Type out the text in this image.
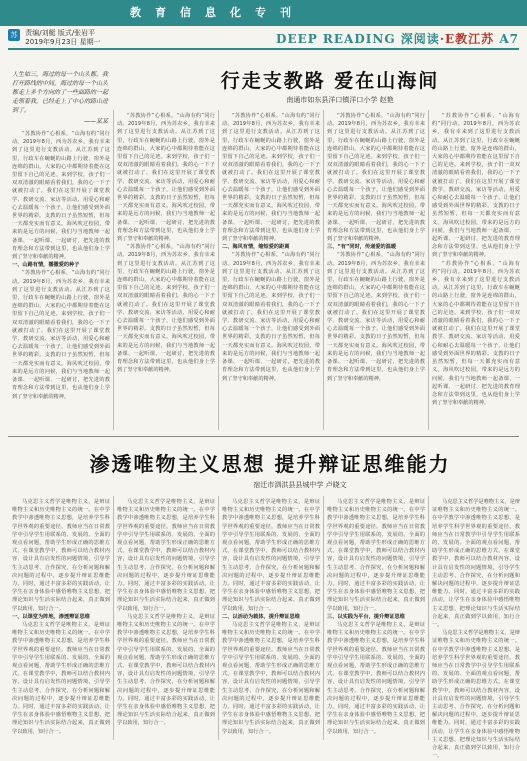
教育信息化专刊
苏 责编/刘艇 版式/张岩平
2019年9月23日 星期一	DEEP READING 深阅读·E教江苏 A7
人生如三，海过的每一个山头都。我打开路线的中间，海过的每一个山头都走上多个方向的了一些面路的一起走领着我，已经走上了中心的路山进到了。
——某某
行走支教路 爱在山海间
南通市如东县洋口镇洋口小学 赵艳

“苏教协作”心相系，“山海有约”同行动。2019年8月，西为苏农乡，我有幸来到了这里进行支教活动。从江苏到了这里，行政车在蜿蜒的山路上行驶，窗外是连绵的群山，大家的心中都期待着能在这里留下自己的足迹。来到学校，孩子们一双双清澈的眼睛看着我们，我的心一下子就被打动了。我们在这里开展了课堂教学、教研交流、家访等活动，用爱心和耐心去温暖每一个孩子，让他们感受到外面世界的精彩。支教的日子虽然短暂，但每一天都充实而有意义。海风吹过校园，带来的是远方的问候，我们与当地教师一起备课、一起听课、一起研讨，把先进的教育理念和方法带到这里，也从他们身上学到了坚守和奉献的精神。

一、山路有情，播撒爱的种子

“苏教协作”心相系，“山海有约”同行动。2019年8月，西为苏农乡，我有幸来到了这里进行支教活动。从江苏到了这里，行政车在蜿蜒的山路上行驶，窗外是连绵的群山，大家的心中都期待着能在这里留下自己的足迹。来到学校，孩子们一双双清澈的眼睛看着我们，我的心一下子就被打动了。我们在这里开展了课堂教学、教研交流、家访等活动，用爱心和耐心去温暖每一个孩子，让他们感受到外面世界的精彩。支教的日子虽然短暂，但每一天都充实而有意义。海风吹过校园，带来的是远方的问候，我们与当地教师一起备课、一起听课、一起研讨，把先进的教育理念和方法带到这里，也从他们身上学到了坚守和奉献的精神。

“苏教协作”心相系，“山海有约”同行动。2019年8月，西为苏农乡，我有幸来到了这里进行支教活动。从江苏到了这里，行政车在蜿蜒的山路上行驶，窗外是连绵的群山，大家的心中都期待着能在这里留下自己的足迹。来到学校，孩子们一双双清澈的眼睛看着我们，我的心一下子就被打动了。我们在这里开展了课堂教学、教研交流、家访等活动，用爱心和耐心去温暖每一个孩子，让他们感受到外面世界的精彩。支教的日子虽然短暂，但每一天都充实而有意义。海风吹过校园，带来的是远方的问候，我们与当地教师一起备课、一起听课、一起研讨，把先进的教育理念和方法带到这里，也从他们身上学到了坚守和奉献的精神。

“苏教协作”心相系，“山海有约”同行动。2019年8月，西为苏农乡，我有幸来到了这里进行支教活动。从江苏到了这里，行政车在蜿蜒的山路上行驶，窗外是连绵的群山，大家的心中都期待着能在这里留下自己的足迹。来到学校，孩子们一双双清澈的眼睛看着我们，我的心一下子就被打动了。我们在这里开展了课堂教学、教研交流、家访等活动，用爱心和耐心去温暖每一个孩子，让他们感受到外面世界的精彩。支教的日子虽然短暂，但每一天都充实而有意义。海风吹过校园，带来的是远方的问候，我们与当地教师一起备课、一起听课、一起研讨，把先进的教育理念和方法带到这里，也从他们身上学到了坚守和奉献的精神。

“苏教协作”心相系，“山海有约”同行动。2019年8月，西为苏农乡，我有幸来到了这里进行支教活动。从江苏到了这里，行政车在蜿蜒的山路上行驶，窗外是连绵的群山，大家的心中都期待着能在这里留下自己的足迹。来到学校，孩子们一双双清澈的眼睛看着我们，我的心一下子就被打动了。我们在这里开展了课堂教学、教研交流、家访等活动，用爱心和耐心去温暖每一个孩子，让他们感受到外面世界的精彩。支教的日子虽然短暂，但每一天都充实而有意义。海风吹过校园，带来的是远方的问候，我们与当地教师一起备课、一起听课、一起研讨，把先进的教育理念和方法带到这里，也从他们身上学到了坚守和奉献的精神。

二、海风有情，缩短爱的距离

“苏教协作”心相系，“山海有约”同行动。2019年8月，西为苏农乡，我有幸来到了这里进行支教活动。从江苏到了这里，行政车在蜿蜒的山路上行驶，窗外是连绵的群山，大家的心中都期待着能在这里留下自己的足迹。来到学校，孩子们一双双清澈的眼睛看着我们，我的心一下子就被打动了。我们在这里开展了课堂教学、教研交流、家访等活动，用爱心和耐心去温暖每一个孩子，让他们感受到外面世界的精彩。支教的日子虽然短暂，但每一天都充实而有意义。海风吹过校园，带来的是远方的问候，我们与当地教师一起备课、一起听课、一起研讨，把先进的教育理念和方法带到这里，也从他们身上学到了坚守和奉献的精神。

“苏教协作”心相系，“山海有约”同行动。2019年8月，西为苏农乡，我有幸来到了这里进行支教活动。从江苏到了这里，行政车在蜿蜒的山路上行驶，窗外是连绵的群山，大家的心中都期待着能在这里留下自己的足迹。来到学校，孩子们一双双清澈的眼睛看着我们，我的心一下子就被打动了。我们在这里开展了课堂教学、教研交流、家访等活动，用爱心和耐心去温暖每一个孩子，让他们感受到外面世界的精彩。支教的日子虽然短暂，但每一天都充实而有意义。海风吹过校园，带来的是远方的问候，我们与当地教师一起备课、一起听课、一起研讨，把先进的教育理念和方法带到这里，也从他们身上学到了坚守和奉献的精神。

三、“有”同时，传递爱的温暖

“苏教协作”心相系，“山海有约”同行动。2019年8月，西为苏农乡，我有幸来到了这里进行支教活动。从江苏到了这里，行政车在蜿蜒的山路上行驶，窗外是连绵的群山，大家的心中都期待着能在这里留下自己的足迹。来到学校，孩子们一双双清澈的眼睛看着我们，我的心一下子就被打动了。我们在这里开展了课堂教学、教研交流、家访等活动，用爱心和耐心去温暖每一个孩子，让他们感受到外面世界的精彩。支教的日子虽然短暂，但每一天都充实而有意义。海风吹过校园，带来的是远方的问候，我们与当地教师一起备课、一起听课、一起研讨，把先进的教育理念和方法带到这里，也从他们身上学到了坚守和奉献的精神。

“苏教协作”心相系，“山海有约”同行动。2019年8月，西为苏农乡，我有幸来到了这里进行支教活动。从江苏到了这里，行政车在蜿蜒的山路上行驶，窗外是连绵的群山，大家的心中都期待着能在这里留下自己的足迹。来到学校，孩子们一双双清澈的眼睛看着我们，我的心一下子就被打动了。我们在这里开展了课堂教学、教研交流、家访等活动，用爱心和耐心去温暖每一个孩子，让他们感受到外面世界的精彩。支教的日子虽然短暂，但每一天都充实而有意义。海风吹过校园，带来的是远方的问候，我们与当地教师一起备课、一起听课、一起研讨，把先进的教育理念和方法带到这里，也从他们身上学到了坚守和奉献的精神。

“苏教协作”心相系，“山海有约”同行动。2019年8月，西为苏农乡，我有幸来到了这里进行支教活动。从江苏到了这里，行政车在蜿蜒的山路上行驶，窗外是连绵的群山，大家的心中都期待着能在这里留下自己的足迹。来到学校，孩子们一双双清澈的眼睛看着我们，我的心一下子就被打动了。我们在这里开展了课堂教学、教研交流、家访等活动，用爱心和耐心去温暖每一个孩子，让他们感受到外面世界的精彩。支教的日子虽然短暂，但每一天都充实而有意义。海风吹过校园，带来的是远方的问候，我们与当地教师一起备课、一起听课、一起研讨，把先进的教育理念和方法带到这里，也从他们身上学到了坚守和奉献的精神。

渗透唯物主义思想 提升辩证思维能力
宿迁市泗洪县县城中学 卢晓文

马克思主义哲学是唯物主义，是辩证唯物主义和历史唯物主义的统一。在中学教学中渗透唯物主义思想，是培养学生科学世界观的重要途径。教师应当在日常教学中引导学生用联系的、发展的、全面的观点看问题，帮助学生形成正确的思维方式。在课堂教学中，教师可以结合教材内容，设计具有启发性的问题情境，引导学生主动思考、合作探究，在分析问题和解决问题的过程中，逐步提升辩证思维能力。同时，通过丰富多彩的实践活动，让学生在亲身体验中感悟唯物主义思想，把理论知识与生活实际结合起来，真正做到学以致用，知行合一。

一、以课堂为阵地，渗透辩证思维

马克思主义哲学是唯物主义，是辩证唯物主义和历史唯物主义的统一。在中学教学中渗透唯物主义思想，是培养学生科学世界观的重要途径。教师应当在日常教学中引导学生用联系的、发展的、全面的观点看问题，帮助学生形成正确的思维方式。在课堂教学中，教师可以结合教材内容，设计具有启发性的问题情境，引导学生主动思考、合作探究，在分析问题和解决问题的过程中，逐步提升辩证思维能力。同时，通过丰富多彩的实践活动，让学生在亲身体验中感悟唯物主义思想，把理论知识与生活实际结合起来，真正做到学以致用，知行合一。

马克思主义哲学是唯物主义，是辩证唯物主义和历史唯物主义的统一。在中学教学中渗透唯物主义思想，是培养学生科学世界观的重要途径。教师应当在日常教学中引导学生用联系的、发展的、全面的观点看问题，帮助学生形成正确的思维方式。在课堂教学中，教师可以结合教材内容，设计具有启发性的问题情境，引导学生主动思考、合作探究，在分析问题和解决问题的过程中，逐步提升辩证思维能力。同时，通过丰富多彩的实践活动，让学生在亲身体验中感悟唯物主义思想，把理论知识与生活实际结合起来，真正做到学以致用，知行合一。

马克思主义哲学是唯物主义，是辩证唯物主义和历史唯物主义的统一。在中学教学中渗透唯物主义思想，是培养学生科学世界观的重要途径。教师应当在日常教学中引导学生用联系的、发展的、全面的观点看问题，帮助学生形成正确的思维方式。在课堂教学中，教师可以结合教材内容，设计具有启发性的问题情境，引导学生主动思考、合作探究，在分析问题和解决问题的过程中，逐步提升辩证思维能力。同时，通过丰富多彩的实践活动，让学生在亲身体验中感悟唯物主义思想，把理论知识与生活实际结合起来，真正做到学以致用，知行合一。

马克思主义哲学是唯物主义，是辩证唯物主义和历史唯物主义的统一。在中学教学中渗透唯物主义思想，是培养学生科学世界观的重要途径。教师应当在日常教学中引导学生用联系的、发展的、全面的观点看问题，帮助学生形成正确的思维方式。在课堂教学中，教师可以结合教材内容，设计具有启发性的问题情境，引导学生主动思考、合作探究，在分析问题和解决问题的过程中，逐步提升辩证思维能力。同时，通过丰富多彩的实践活动，让学生在亲身体验中感悟唯物主义思想，把理论知识与生活实际结合起来，真正做到学以致用，知行合一。

二、以活动为载体，提升辩证思维

马克思主义哲学是唯物主义，是辩证唯物主义和历史唯物主义的统一。在中学教学中渗透唯物主义思想，是培养学生科学世界观的重要途径。教师应当在日常教学中引导学生用联系的、发展的、全面的观点看问题，帮助学生形成正确的思维方式。在课堂教学中，教师可以结合教材内容，设计具有启发性的问题情境，引导学生主动思考、合作探究，在分析问题和解决问题的过程中，逐步提升辩证思维能力。同时，通过丰富多彩的实践活动，让学生在亲身体验中感悟唯物主义思想，把理论知识与生活实际结合起来，真正做到学以致用，知行合一。

马克思主义哲学是唯物主义，是辩证唯物主义和历史唯物主义的统一。在中学教学中渗透唯物主义思想，是培养学生科学世界观的重要途径。教师应当在日常教学中引导学生用联系的、发展的、全面的观点看问题，帮助学生形成正确的思维方式。在课堂教学中，教师可以结合教材内容，设计具有启发性的问题情境，引导学生主动思考、合作探究，在分析问题和解决问题的过程中，逐步提升辩证思维能力。同时，通过丰富多彩的实践活动，让学生在亲身体验中感悟唯物主义思想，把理论知识与生活实际结合起来，真正做到学以致用，知行合一。

三、以实践为平台，提升辩证思维

马克思主义哲学是唯物主义，是辩证唯物主义和历史唯物主义的统一。在中学教学中渗透唯物主义思想，是培养学生科学世界观的重要途径。教师应当在日常教学中引导学生用联系的、发展的、全面的观点看问题，帮助学生形成正确的思维方式。在课堂教学中，教师可以结合教材内容，设计具有启发性的问题情境，引导学生主动思考、合作探究，在分析问题和解决问题的过程中，逐步提升辩证思维能力。同时，通过丰富多彩的实践活动，让学生在亲身体验中感悟唯物主义思想，把理论知识与生活实际结合起来，真正做到学以致用，知行合一。

马克思主义哲学是唯物主义，是辩证唯物主义和历史唯物主义的统一。在中学教学中渗透唯物主义思想，是培养学生科学世界观的重要途径。教师应当在日常教学中引导学生用联系的、发展的、全面的观点看问题，帮助学生形成正确的思维方式。在课堂教学中，教师可以结合教材内容，设计具有启发性的问题情境，引导学生主动思考、合作探究，在分析问题和解决问题的过程中，逐步提升辩证思维能力。同时，通过丰富多彩的实践活动，让学生在亲身体验中感悟唯物主义思想，把理论知识与生活实际结合起来，真正做到学以致用，知行合一。

马克思主义哲学是唯物主义，是辩证唯物主义和历史唯物主义的统一。在中学教学中渗透唯物主义思想，是培养学生科学世界观的重要途径。教师应当在日常教学中引导学生用联系的、发展的、全面的观点看问题，帮助学生形成正确的思维方式。在课堂教学中，教师可以结合教材内容，设计具有启发性的问题情境，引导学生主动思考、合作探究，在分析问题和解决问题的过程中，逐步提升辩证思维能力。同时，通过丰富多彩的实践活动，让学生在亲身体验中感悟唯物主义思想，把理论知识与生活实际结合起来，真正做到学以致用，知行合一。
